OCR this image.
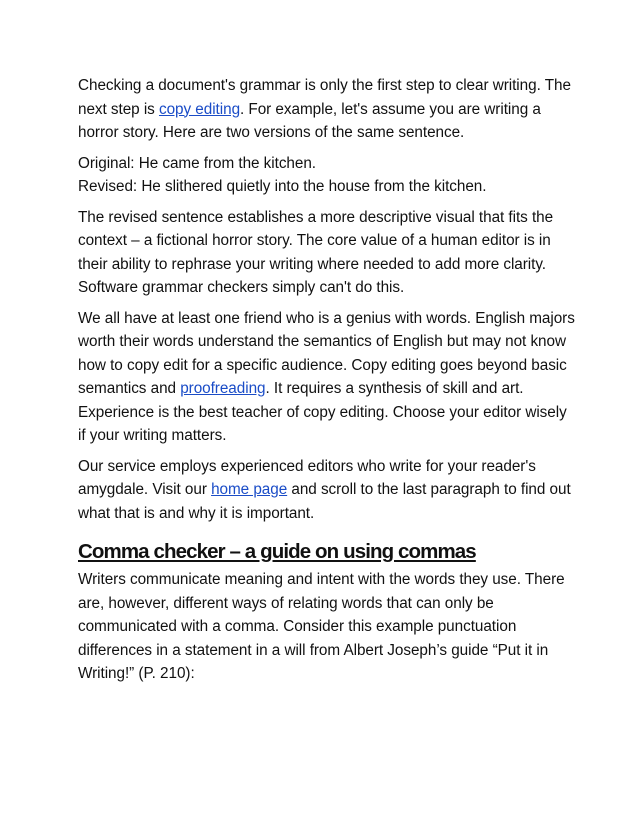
Checking a document's grammar is only the first step to clear writing. The next step is copy editing. For example, let's assume you are writing a horror story. Here are two versions of the same sentence.

Original: He came from the kitchen.
Revised: He slithered quietly into the house from the kitchen.

The revised sentence establishes a more descriptive visual that fits the context – a fictional horror story. The core value of a human editor is in their ability to rephrase your writing where needed to add more clarity. Software grammar checkers simply can't do this.

We all have at least one friend who is a genius with words. English majors worth their words understand the semantics of English but may not know how to copy edit for a specific audience. Copy editing goes beyond basic semantics and proofreading. It requires a synthesis of skill and art. Experience is the best teacher of copy editing. Choose your editor wisely if your writing matters.

Our service employs experienced editors who write for your reader's amygdale. Visit our home page and scroll to the last paragraph to find out what that is and why it is important.

Comma checker – a guide on using commas

Writers communicate meaning and intent with the words they use. There are, however, different ways of relating words that can only be communicated with a comma. Consider this example punctuation differences in a statement in a will from Albert Joseph’s guide “Put it in Writing!” (P. 210):
